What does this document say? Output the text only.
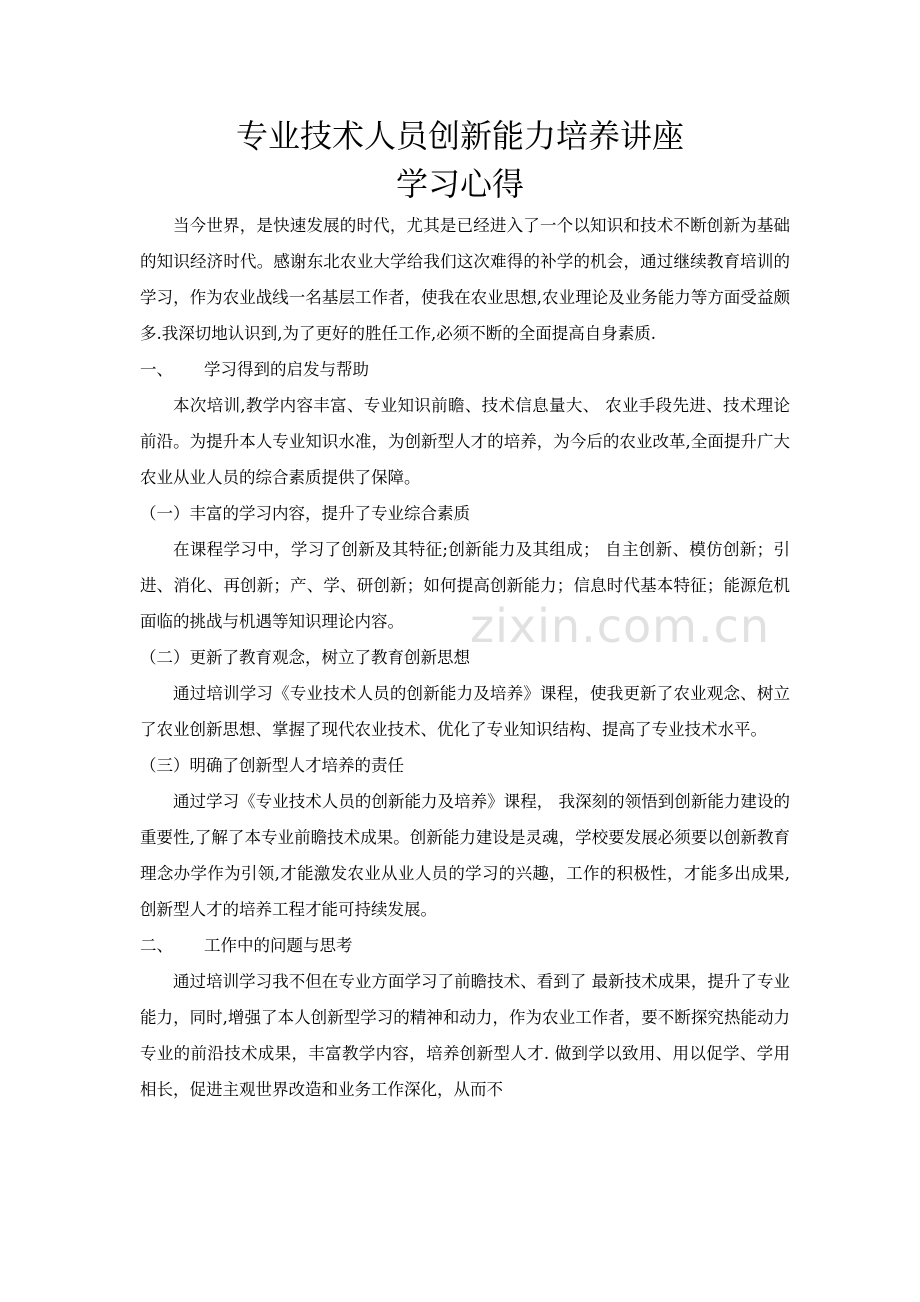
专业技术人员创新能力培养讲座
学习心得

当今世界，是快速发展的时代，尤其是已经进入了一个以知识和技术不断创新为基础的知识经济时代。感谢东北农业大学给我们这次难得的补学的机会，通过继续教育培训的学习，作为农业战线一名基层工作者，使我在农业思想,农业理论及业务能力等方面受益颇多.我深切地认识到,为了更好的胜任工作,必须不断的全面提高自身素质.

一、 学习得到的启发与帮助

本次培训,教学内容丰富、专业知识前瞻、技术信息量大、 农业手段先进、技术理论前沿。为提升本人专业知识水准，为创新型人才的培养，为今后的农业改革,全面提升广大农业从业人员的综合素质提供了保障。

（一）丰富的学习内容，提升了专业综合素质

在课程学习中，学习了创新及其特征;创新能力及其组成； 自主创新、模仿创新；引进、消化、再创新；产、学、研创新；如何提高创新能力；信息时代基本特征；能源危机面临的挑战与机遇等知识理论内容。

（二）更新了教育观念，树立了教育创新思想

通过培训学习《专业技术人员的创新能力及培养》课程，使我更新了农业观念、树立了农业创新思想、掌握了现代农业技术、优化了专业知识结构、提高了专业技术水平。

（三）明确了创新型人才培养的责任

通过学习《专业技术人员的创新能力及培养》课程， 我深刻的领悟到创新能力建设的重要性,了解了本专业前瞻技术成果。创新能力建设是灵魂，学校要发展必须要以创新教育理念办学作为引领,才能激发农业从业人员的学习的兴趣，工作的积极性，才能多出成果,创新型人才的培养工程才能可持续发展。

二、 工作中的问题与思考

通过培训学习我不但在专业方面学习了前瞻技术、看到了 最新技术成果，提升了专业能力，同时,增强了本人创新型学习的精神和动力，作为农业工作者，要不断探究热能动力专业的前沿技术成果，丰富教学内容，培养创新型人才. 做到学以致用、用以促学、学用相长，促进主观世界改造和业务工作深化，从而不

zixin.com.cn
